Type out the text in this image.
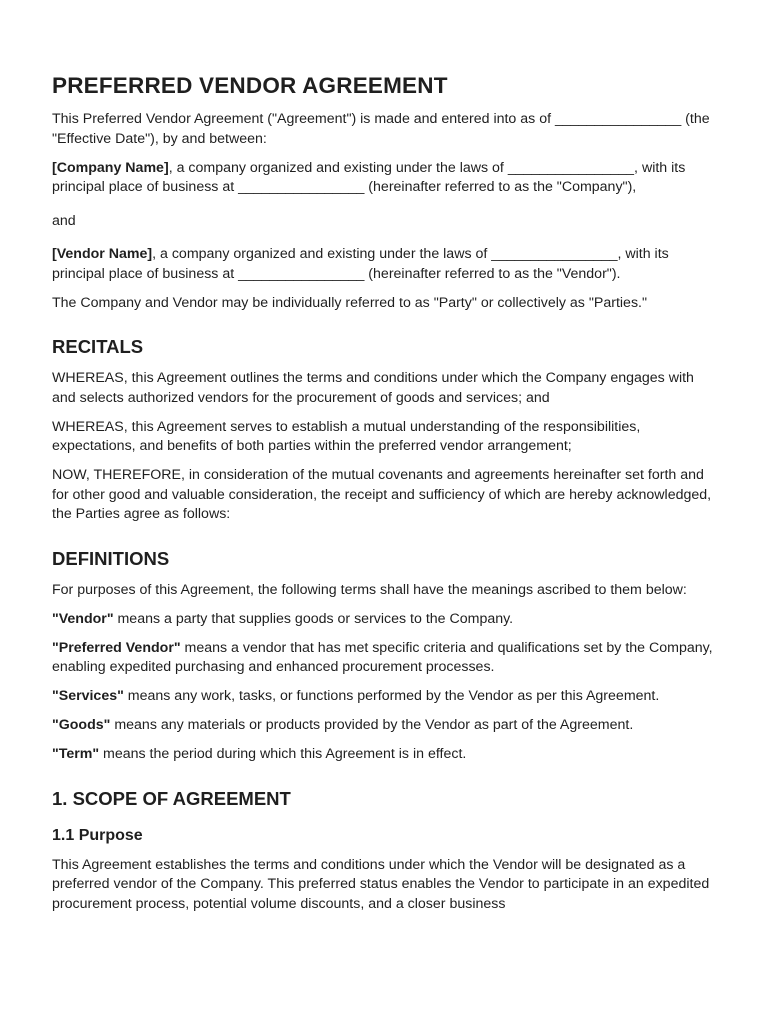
PREFERRED VENDOR AGREEMENT

This Preferred Vendor Agreement ("Agreement") is made and entered into as of ________________ (the "Effective Date"), by and between:

[Company Name], a company organized and existing under the laws of ________________, with its principal place of business at ________________ (hereinafter referred to as the "Company"),

and

[Vendor Name], a company organized and existing under the laws of ________________, with its principal place of business at ________________ (hereinafter referred to as the "Vendor").

The Company and Vendor may be individually referred to as "Party" or collectively as "Parties."

RECITALS

WHEREAS, this Agreement outlines the terms and conditions under which the Company engages with and selects authorized vendors for the procurement of goods and services; and

WHEREAS, this Agreement serves to establish a mutual understanding of the responsibilities, expectations, and benefits of both parties within the preferred vendor arrangement;

NOW, THEREFORE, in consideration of the mutual covenants and agreements hereinafter set forth and for other good and valuable consideration, the receipt and sufficiency of which are hereby acknowledged, the Parties agree as follows:

DEFINITIONS

For purposes of this Agreement, the following terms shall have the meanings ascribed to them below:

"Vendor" means a party that supplies goods or services to the Company.

"Preferred Vendor" means a vendor that has met specific criteria and qualifications set by the Company, enabling expedited purchasing and enhanced procurement processes.

"Services" means any work, tasks, or functions performed by the Vendor as per this Agreement.

"Goods" means any materials or products provided by the Vendor as part of the Agreement.

"Term" means the period during which this Agreement is in effect.

1. SCOPE OF AGREEMENT
1.1 Purpose

This Agreement establishes the terms and conditions under which the Vendor will be designated as a preferred vendor of the Company. This preferred status enables the Vendor to participate in an expedited procurement process, potential volume discounts, and a closer business
